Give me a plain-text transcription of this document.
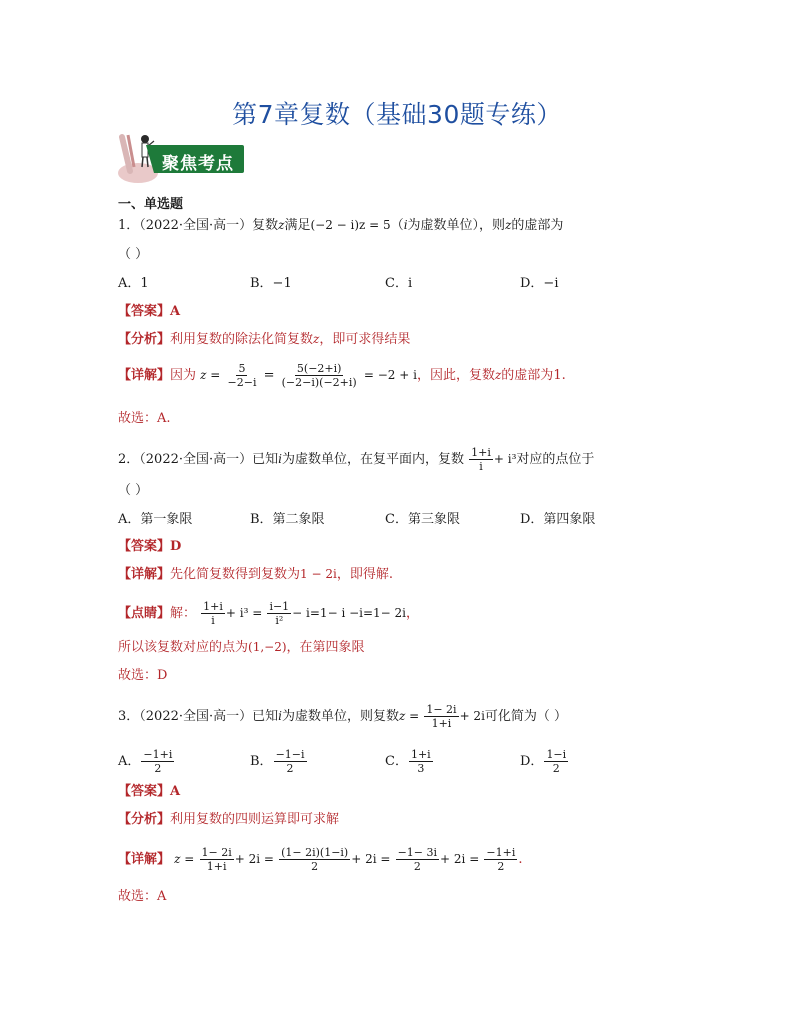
第7章复数（基础30题专练）
聚焦考点
一、单选题
1．（2022·全国·高一）复数z满足(−2 − i)z = 5（i为虚数单位），则z的虚部为
（ ）
A．1	B．−1	C．i	D．−i
【答案】A
【分析】利用复数的除法化简复数z，即可求得结果
【详解】因为 $z = \frac{5}{-2-i} = \frac{5(-2+i)}{(-2-i)(-2+i)} = -2 + i$，因此，复数z的虚部为1.
故选：A.
2．（2022·全国·高一）已知i为虚数单位，在复平面内，复数 $\frac{1+i}{i} + i^3$对应的点位于
（ ）
A．第一象限	B．第二象限	C．第三象限	D．第四象限
【答案】D
【详解】先化简复数得到复数为1 − 2i，即得解.
【点睛】解： $\frac{1+i}{i} + i^3 = \frac{i-1}{\text{i²}} - i=1- i -i=1- 2i$，
所以该复数对应的点为(1,−2)，在第四象限
故选：D
3．（2022·全国·高一）已知i为虚数单位，则复数$z = \frac{1- 2i}{1+i} + 2i$可化简为（ ）
A． $\frac{-1+i}{2}$	B． $\frac{-1-i}{2}$	C． $\frac{1+i}{3}$	D． $\frac{1-i}{2}$
【答案】A
【分析】利用复数的四则运算即可求解
【详解】 $z = \frac{1- 2i}{1+i} + 2i = \frac{(1- 2i)(1-i)}{2} + 2i = \frac{-1- 3i}{2} + 2i = \frac{-1+i}{2}$ .
故选：A
